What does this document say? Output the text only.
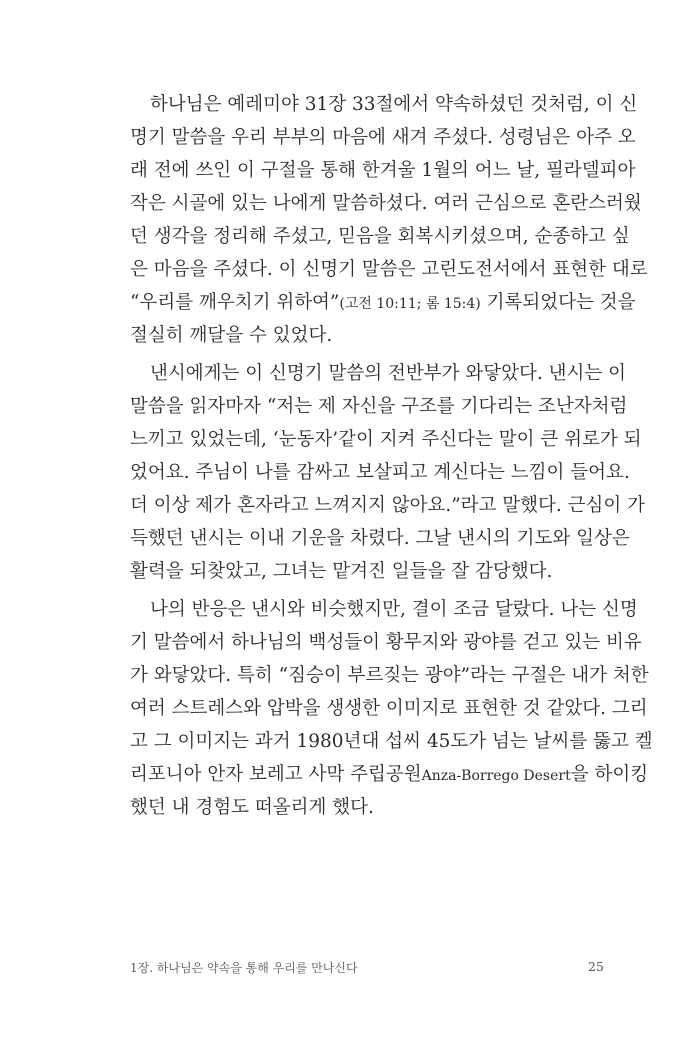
하나님은 예레미야 31장 33절에서 약속하셨던 것처럼, 이 신
명기 말씀을 우리 부부의 마음에 새겨 주셨다. 성령님은 아주 오
래 전에 쓰인 이 구절을 통해 한겨울 1월의 어느 날, 필라델피아
작은 시골에 있는 나에게 말씀하셨다. 여러 근심으로 혼란스러웠
던 생각을 정리해 주셨고, 믿음을 회복시키셨으며, 순종하고 싶
은 마음을 주셨다. 이 신명기 말씀은 고린도전서에서 표현한 대로
“우리를 깨우치기 위하여”(고전 10:11; 롬 15:4) 기록되었다는 것을
절실히 깨달을 수 있었다.
낸시에게는 이 신명기 말씀의 전반부가 와닿았다. 낸시는 이
말씀을 읽자마자 “저는 제 자신을 구조를 기다리는 조난자처럼
느끼고 있었는데, ‘눈동자’같이 지켜 주신다는 말이 큰 위로가 되
었어요. 주님이 나를 감싸고 보살피고 계신다는 느낌이 들어요.
더 이상 제가 혼자라고 느껴지지 않아요.”라고 말했다. 근심이 가
득했던 낸시는 이내 기운을 차렸다. 그날 낸시의 기도와 일상은
활력을 되찾았고, 그녀는 맡겨진 일들을 잘 감당했다.
나의 반응은 낸시와 비슷했지만, 결이 조금 달랐다. 나는 신명
기 말씀에서 하나님의 백성들이 황무지와 광야를 걷고 있는 비유
가 와닿았다. 특히 “짐승이 부르짖는 광야”라는 구절은 내가 처한
여러 스트레스와 압박을 생생한 이미지로 표현한 것 같았다. 그리
고 그 이미지는 과거 1980년대 섭씨 45도가 넘는 날씨를 뚫고 켈
리포니아 안자 보레고 사막 주립공원Anza-Borrego Desert을 하이킹
했던 내 경험도 떠올리게 했다.
1장. 하나님은 약속을 통해 우리를 만나신다	25
